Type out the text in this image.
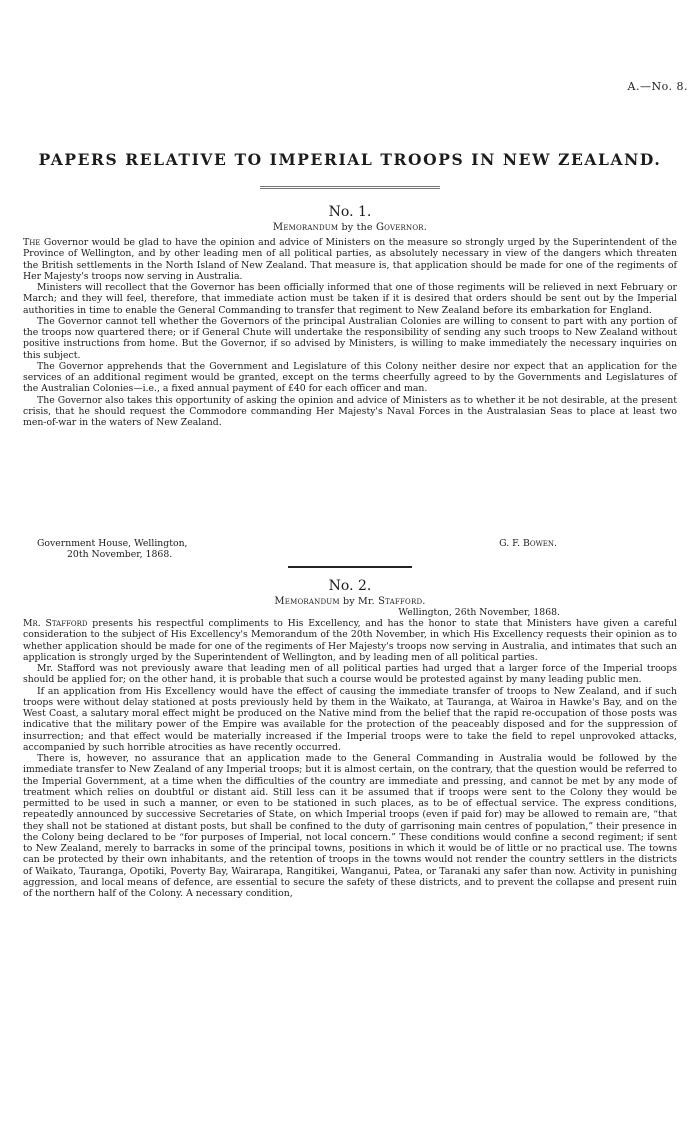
A.—No. 8.
PAPERS RELATIVE TO IMPERIAL TROOPS IN NEW ZEALAND.
No. 1.
Memorandum by the Governor.

The Governor would be glad to have the opinion and advice of Ministers on the measure so strongly urged by the Superintendent of the Province of Wellington, and by other leading men of all political parties, as absolutely necessary in view of the dangers which threaten the British settlements in the North Island of New Zealand. That measure is, that application should be made for one of the regiments of Her Majesty's troops now serving in Australia.

Ministers will recollect that the Governor has been officially informed that one of those regiments will be relieved in next February or March; and they will feel, therefore, that immediate action must be taken if it is desired that orders should be sent out by the Imperial authorities in time to enable the General Commanding to transfer that regiment to New Zealand before its embarkation for England.

The Governor cannot tell whether the Governors of the principal Australian Colonies are willing to consent to part with any portion of the troops now quartered there; or if General Chute will undertake the responsibility of sending any such troops to New Zealand without positive instructions from home. But the Governor, if so advised by Ministers, is willing to make immediately the necessary inquiries on this subject.

The Governor apprehends that the Government and Legislature of this Colony neither desire nor expect that an application for the services of an additional regiment would be granted, except on the terms cheerfully agreed to by the Governments and Legislatures of the Australian Colonies—i.e., a fixed annual payment of £40 for each officer and man.

The Governor also takes this opportunity of asking the opinion and advice of Ministers as to whether it be not desirable, at the present crisis, that he should request the Commodore commanding Her Majesty's Naval Forces in the Australasian Seas to place at least two men-of-war in the waters of New Zealand.

Government House, Wellington,	G. F. Bowen.
20th November, 1868.
No. 2.
Memorandum by Mr. Stafford.
Wellington, 26th November, 1868.

Mr. Stafford presents his respectful compliments to His Excellency, and has the honor to state that Ministers have given a careful consideration to the subject of His Excellency's Memorandum of the 20th November, in which His Excellency requests their opinion as to whether application should be made for one of the regiments of Her Majesty's troops now serving in Australia, and intimates that such an application is strongly urged by the Superintendent of Wellington, and by leading men of all political parties.

Mr. Stafford was not previously aware that leading men of all political parties had urged that a larger force of the Imperial troops should be applied for; on the other hand, it is probable that such a course would be protested against by many leading public men.

If an application from His Excellency would have the effect of causing the immediate transfer of troops to New Zealand, and if such troops were without delay stationed at posts previously held by them in the Waikato, at Tauranga, at Wairoa in Hawke's Bay, and on the West Coast, a salutary moral effect might be produced on the Native mind from the belief that the rapid re-occupation of those posts was indicative that the military power of the Empire was available for the protection of the peaceably disposed and for the suppression of insurrection; and that effect would be materially increased if the Imperial troops were to take the field to repel unprovoked attacks, accompanied by such horrible atrocities as have recently occurred.

There is, however, no assurance that an application made to the General Commanding in Australia would be followed by the immediate transfer to New Zealand of any Imperial troops; but it is almost certain, on the contrary, that the question would be referred to the Imperial Government, at a time when the difficulties of the country are immediate and pressing, and cannot be met by any mode of treatment which relies on doubtful or distant aid. Still less can it be assumed that if troops were sent to the Colony they would be permitted to be used in such a manner, or even to be stationed in such places, as to be of effectual service. The express conditions, repeatedly announced by successive Secretaries of State, on which Imperial troops (even if paid for) may be allowed to remain are, “that they shall not be stationed at distant posts, but shall be confined to the duty of garrisoning main centres of population,” their presence in the Colony being declared to be “for purposes of Imperial, not local concern.” These conditions would confine a second regiment; if sent to New Zealand, merely to barracks in some of the principal towns, positions in which it would be of little or no practical use. The towns can be protected by their own inhabitants, and the retention of troops in the towns would not render the country settlers in the districts of Waikato, Tauranga, Opotiki, Poverty Bay, Wairarapa, Rangitikei, Wanganui, Patea, or Taranaki any safer than now. Activity in punishing aggression, and local means of defence, are essential to secure the safety of these districts, and to prevent the collapse and present ruin of the northern half of the Colony. A necessary condition,
